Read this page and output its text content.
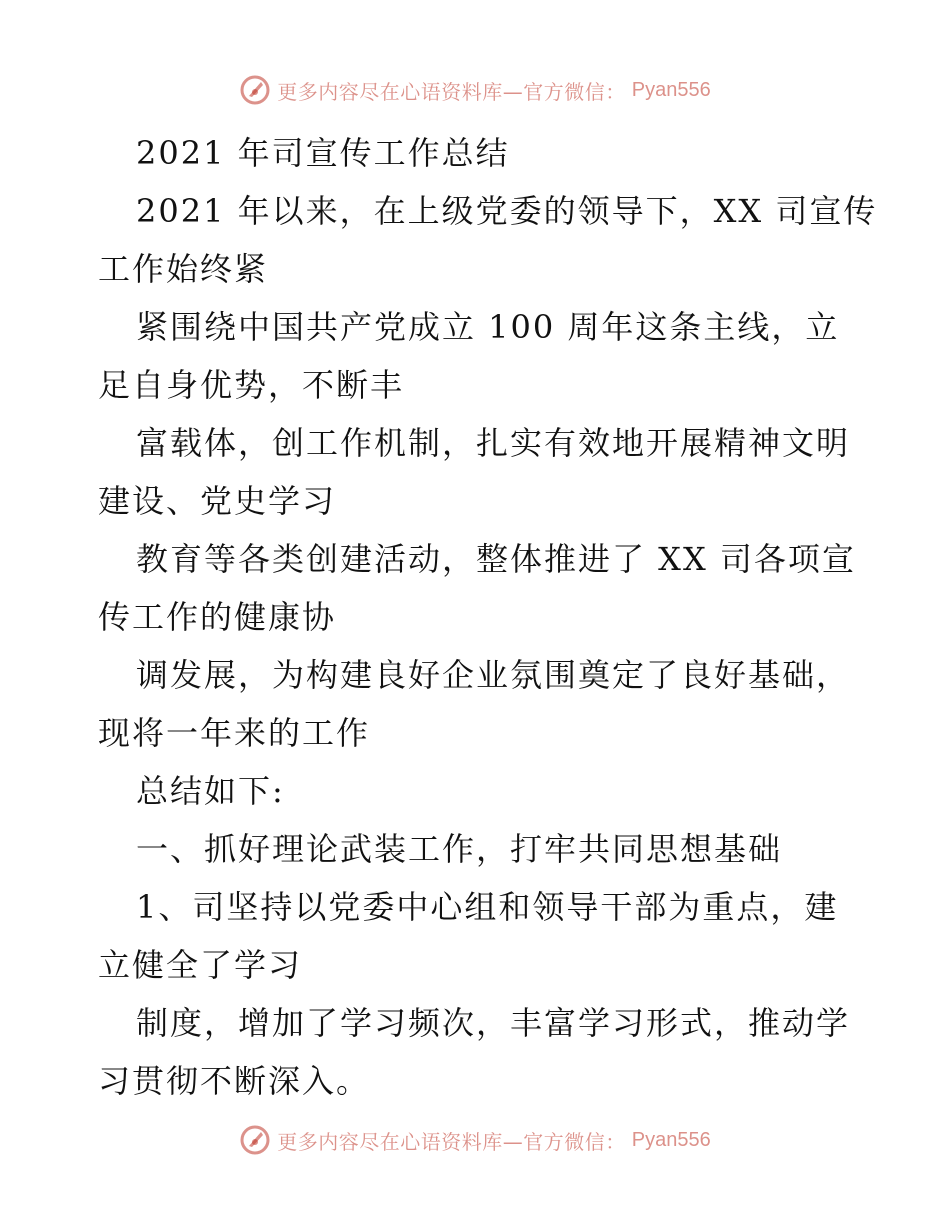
更多内容尽在心语资料库—官方微信： Pyan556
2021 年司宣传工作总结
2021 年以来，在上级党委的领导下，XX 司宣传
工作始终紧
紧围绕中国共产党成立 100 周年这条主线，立
足自身优势，不断丰
富载体，创工作机制，扎实有效地开展精神文明
建设、党史学习
教育等各类创建活动，整体推进了 XX 司各项宣
传工作的健康协
调发展，为构建良好企业氛围奠定了良好基础，
现将一年来的工作
总结如下:
一、抓好理论武装工作，打牢共同思想基础
1、司坚持以党委中心组和领导干部为重点，建
立健全了学习
制度，增加了学习频次，丰富学习形式，推动学
习贯彻不断深入。
更多内容尽在心语资料库—官方微信： Pyan556
